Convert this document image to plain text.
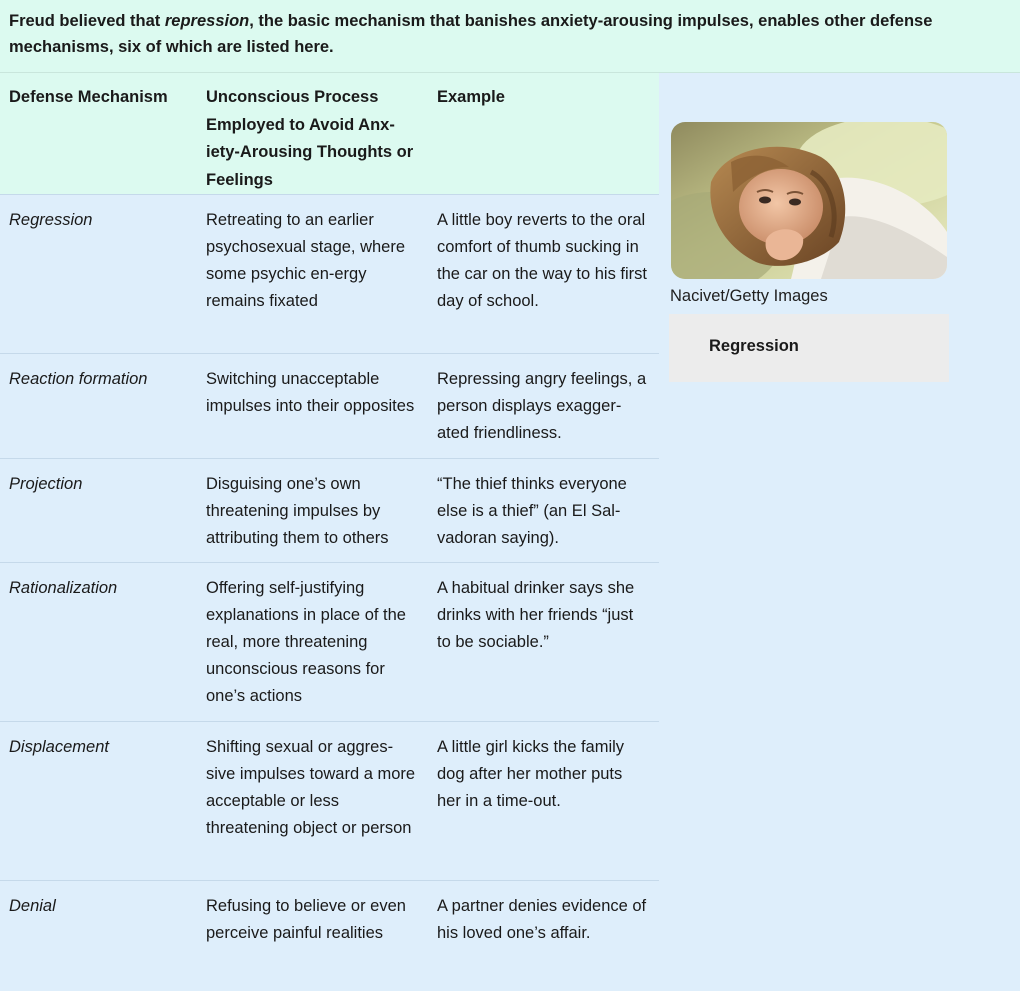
Freud believed that repression, the basic mechanism that banishes anxiety-arousing impulses, enables other defense mechanisms, six of which are listed here.
Defense Mechanism	Unconscious Process Employed to Avoid Anx-iety-Arousing Thoughts or Feelings	Example
Regression	Retreating to an earlier psychosexual stage, where some psychic en-ergy remains fixated	A little boy reverts to the oral comfort of thumb sucking in the car on the way to his first day of school.
Reaction formation	Switching unacceptable impulses into their opposites	Repressing angry feelings, a person displays exagger-ated friendliness.
Projection	Disguising one’s own threatening impulses by attributing them to others	“The thief thinks everyone else is a thief” (an El Sal-vadoran saying).
Rationalization	Offering self-justifying explanations in place of the real, more threatening unconscious reasons for one’s actions	A habitual drinker says she drinks with her friends “just to be sociable.”
Displacement	Shifting sexual or aggres-sive impulses toward a more acceptable or less threatening object or person	A little girl kicks the family dog after her mother puts her in a time-out.
Denial	Refusing to believe or even perceive painful realities	A partner denies evidence of his loved one’s affair.
Nacivet/Getty Images
Regression
